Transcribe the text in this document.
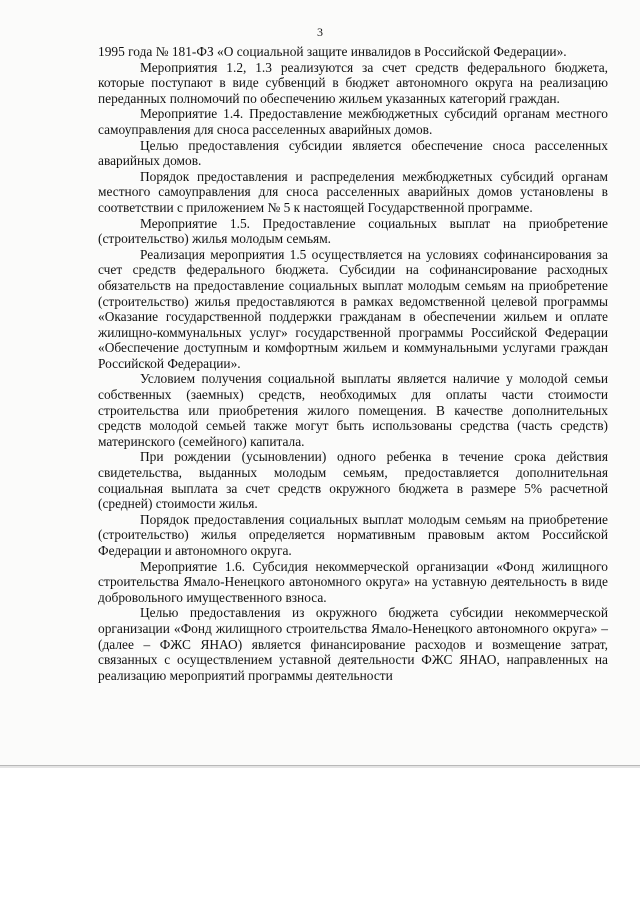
3

1995 года № 181-ФЗ «О социальной защите инвалидов в Российской Федерации».

Мероприятия 1.2, 1.3 реализуются за счет средств федерального бюджета, которые поступают в виде субвенций в бюджет автономного округа на реализацию переданных полномочий по обеспечению жильем указанных категорий граждан.

Мероприятие 1.4. Предоставление межбюджетных субсидий органам местного самоуправления для сноса расселенных аварийных домов.

Целью предоставления субсидии является обеспечение сноса расселенных аварийных домов.

Порядок предоставления и распределения межбюджетных субсидий органам местного самоуправления для сноса расселенных аварийных домов установлены в соответствии с приложением № 5 к настоящей Государственной программе.

Мероприятие 1.5. Предоставление социальных выплат на приобретение (строительство) жилья молодым семьям.

Реализация мероприятия 1.5 осуществляется на условиях софинансирования за счет средств федерального бюджета. Субсидии на софинансирование расходных обязательств на предоставление социальных выплат молодым семьям на приобретение (строительство) жилья предоставляются в рамках ведомственной целевой программы «Оказание государственной поддержки гражданам в обеспечении жильем и оплате жилищно-коммунальных услуг» государственной программы Российской Федерации «Обеспечение доступным и комфортным жильем и коммунальными услугами граждан Российской Федерации».

Условием получения социальной выплаты является наличие у молодой семьи собственных (заемных) средств, необходимых для оплаты части стоимости строительства или приобретения жилого помещения. В качестве дополнительных средств молодой семьей также могут быть использованы средства (часть средств) материнского (семейного) капитала.

При рождении (усыновлении) одного ребенка в течение срока действия свидетельства, выданных молодым семьям, предоставляется дополнительная социальная выплата за счет средств окружного бюджета в размере 5% расчетной (средней) стоимости жилья.

Порядок предоставления социальных выплат молодым семьям на приобретение (строительство) жилья определяется нормативным правовым актом Российской Федерации и автономного округа.

Мероприятие 1.6. Субсидия некоммерческой организации «Фонд жилищного строительства Ямало-Ненецкого автономного округа» на уставную деятельность в виде добровольного имущественного взноса.

Целью предоставления из окружного бюджета субсидии некоммерческой организации «Фонд жилищного строительства Ямало-Ненецкого автономного округа» – (далее – ФЖС ЯНАО) является финансирование расходов и возмещение затрат, связанных с осуществлением уставной деятельности ФЖС ЯНАО, направленных на реализацию мероприятий программы деятельности
